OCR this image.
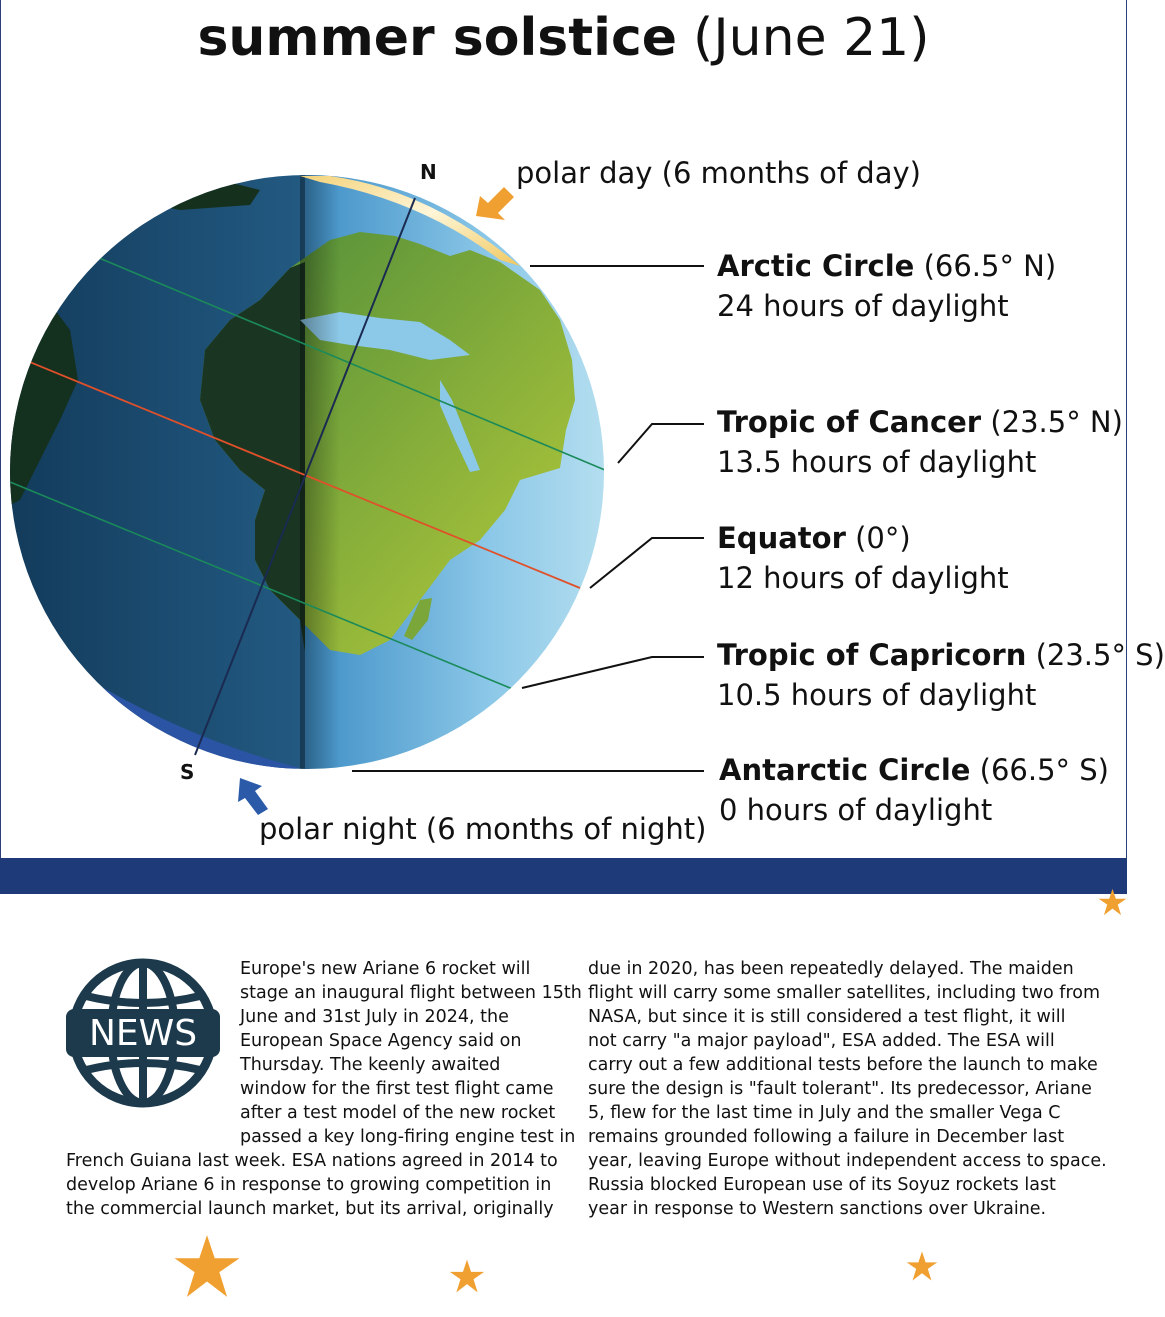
summer solstice (June 21)
N
S
polar day (6 months of day)
polar night (6 months of night)
Arctic Circle (66.5° N)
24 hours of daylight
Tropic of Cancer (23.5° N)
13.5 hours of daylight
Equator (0°)
12 hours of daylight
Tropic of Capricorn (23.5° S)
10.5 hours of daylight
Antarctic Circle (66.5° S)
0 hours of daylight
NEWS
Europe's new Ariane 6 rocket will
stage an inaugural flight between 15th
June and 31st July in 2024, the
European Space Agency said on
Thursday. The keenly awaited
window for the first test flight came
after a test model of the new rocket
passed a key long-firing engine test in
French Guiana last week. ESA nations agreed in 2014 to
develop Ariane 6 in response to growing competition in
the commercial launch market, but its arrival, originally
due in 2020, has been repeatedly delayed. The maiden
flight will carry some smaller satellites, including two from
NASA, but since it is still considered a test flight, it will
not carry "a major payload", ESA added. The ESA will
carry out a few additional tests before the launch to make
sure the design is "fault tolerant". Its predecessor, Ariane
5, flew for the last time in July and the smaller Vega C
remains grounded following a failure in December last
year, leaving Europe without independent access to space.
Russia blocked European use of its Soyuz rockets last
year in response to Western sanctions over Ukraine.
